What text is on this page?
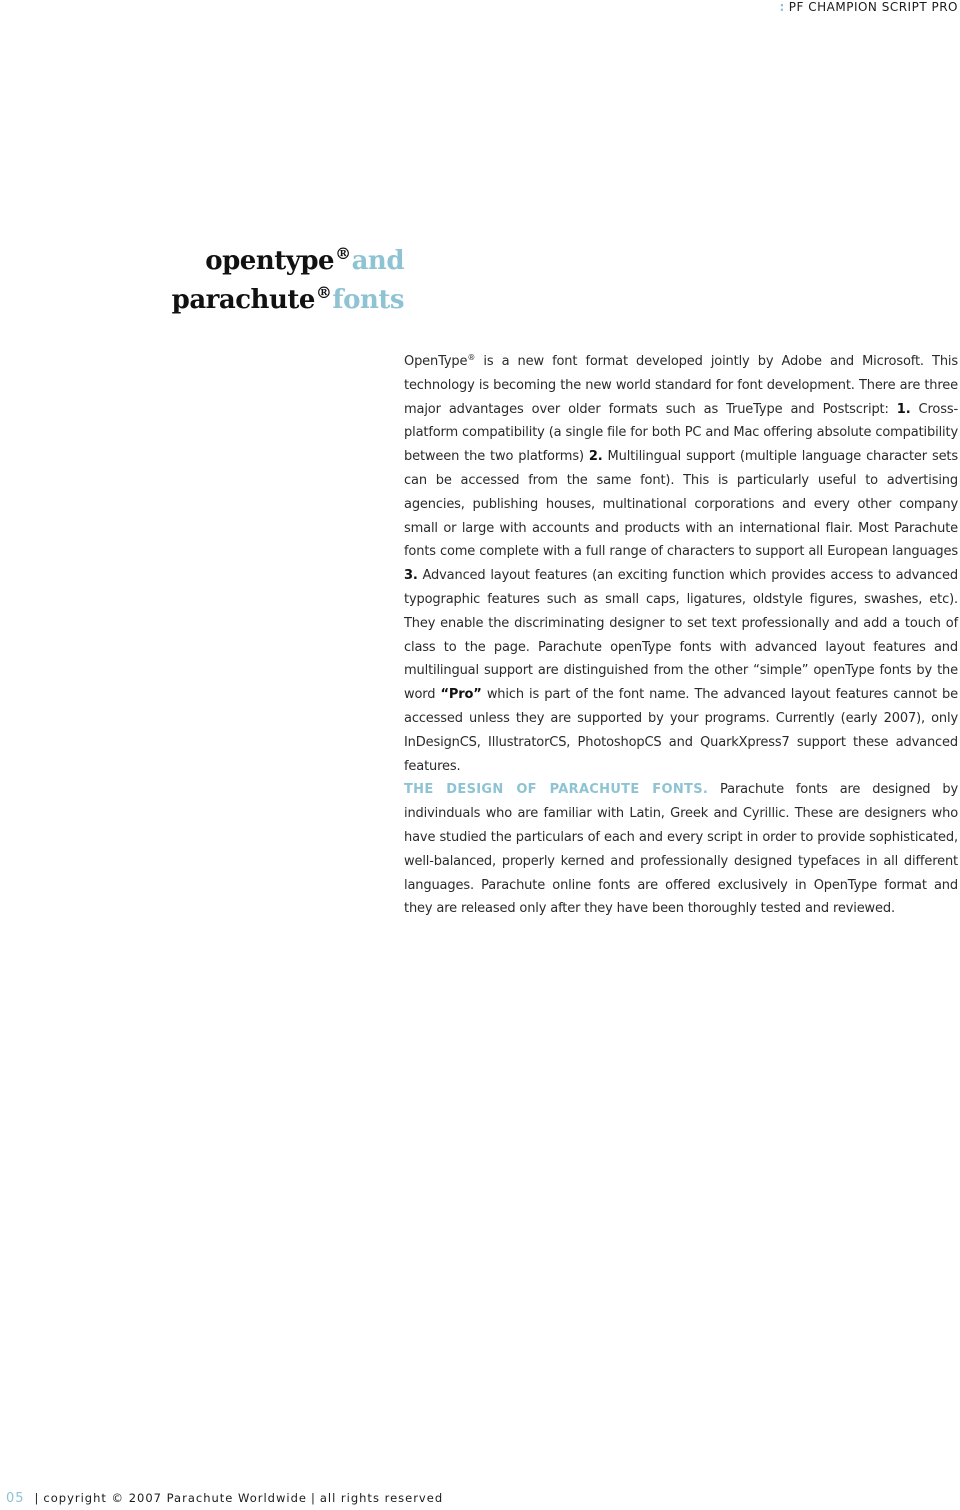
: PF CHAMPION SCRIPT PRO
opentype®and
parachute®fonts

OpenType® is a new font format developed jointly by Adobe and Microsoft. This technology is becoming the new world standard for font development. There are three major advantages over older formats such as TrueType and Postscript: 1. Cross-platform compatibility (a single file for both PC and Mac offering absolute compatibility between the two platforms) 2. Multilingual support (multiple language character sets can be accessed from the same font). This is particularly useful to advertising agencies, publishing houses, multinational corporations and every other company small or large with accounts and products with an international flair. Most Parachute fonts come complete with a full range of characters to support all European languages 3. Advanced layout features (an exciting function which provides access to advanced typographic features such as small caps, ligatures, oldstyle figures, swashes, etc). They enable the discriminating designer to set text professionally and add a touch of class to the page. Parachute openType fonts with advanced layout features and multilingual support are distinguished from the other “simple” openType fonts by the word “Pro” which is part of the font name. The advanced layout features cannot be accessed unless they are supported by your programs. Currently (early 2007), only InDesignCS, IllustratorCS, PhotoshopCS and QuarkXpress7 support these advanced features.

THE DESIGN OF PARACHUTE FONTS. Parachute fonts are designed by indivinduals who are familiar with Latin, Greek and Cyrillic. These are designers who have studied the particulars of each and every script in order to provide sophisticated, well-balanced, properly kerned and professionally designed typefaces in all different languages. Parachute online fonts are offered exclusively in OpenType format and they are released only after they have been thoroughly tested and reviewed.

05 | copyright © 2007 Parachute Worldwide | all rights reserved
